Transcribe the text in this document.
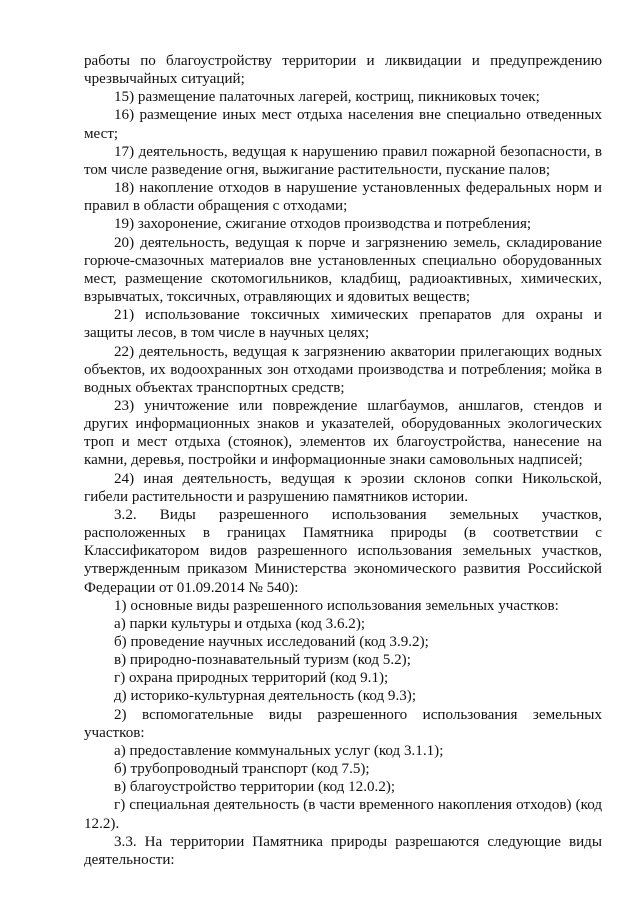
работы по благоустройству территории и ликвидации и предупреждению чрезвычайных ситуаций;

15) размещение палаточных лагерей, кострищ, пикниковых точек;

16) размещение иных мест отдыха населения вне специально отведенных мест;

17) деятельность, ведущая к нарушению правил пожарной безопасности, в том числе разведение огня, выжигание растительности, пускание палов;

18) накопление отходов в нарушение установленных федеральных норм и правил в области обращения с отходами;

19) захоронение, сжигание отходов производства и потребления;

20) деятельность, ведущая к порче и загрязнению земель, складирование горюче-смазочных материалов вне установленных специально оборудованных мест, размещение скотомогильников, кладбищ, радиоактивных, химических, взрывчатых, токсичных, отравляющих и ядовитых веществ;

21) использование токсичных химических препаратов для охраны и защиты лесов, в том числе в научных целях;

22) деятельность, ведущая к загрязнению акватории прилегающих водных объектов, их водоохранных зон отходами производства и потребления; мойка в водных объектах транспортных средств;

23) уничтожение или повреждение шлагбаумов, аншлагов, стендов и других информационных знаков и указателей, оборудованных экологических троп и мест отдыха (стоянок), элементов их благоустройства, нанесение на камни, деревья, постройки и информационные знаки самовольных надписей;

24) иная деятельность, ведущая к эрозии склонов сопки Никольской, гибели растительности и разрушению памятников истории.

3.2. Виды разрешенного использования земельных участков, расположенных в границах Памятника природы (в соответствии с Классификатором видов разрешенного использования земельных участков, утвержденным приказом Министерства экономического развития Российской Федерации от 01.09.2014 № 540):

1) основные виды разрешенного использования земельных участков:

а) парки культуры и отдыха (код 3.6.2);

б) проведение научных исследований (код 3.9.2);

в) природно-познавательный туризм (код 5.2);

г) охрана природных территорий (код 9.1);

д) историко-культурная деятельность (код 9.3);

2) вспомогательные виды разрешенного использования земельных участков:

а) предоставление коммунальных услуг (код 3.1.1);

б) трубопроводный транспорт (код 7.5);

в) благоустройство территории (код 12.0.2);

г) специальная деятельность (в части временного накопления отходов) (код 12.2).

3.3. На территории Памятника природы разрешаются следующие виды деятельности:
